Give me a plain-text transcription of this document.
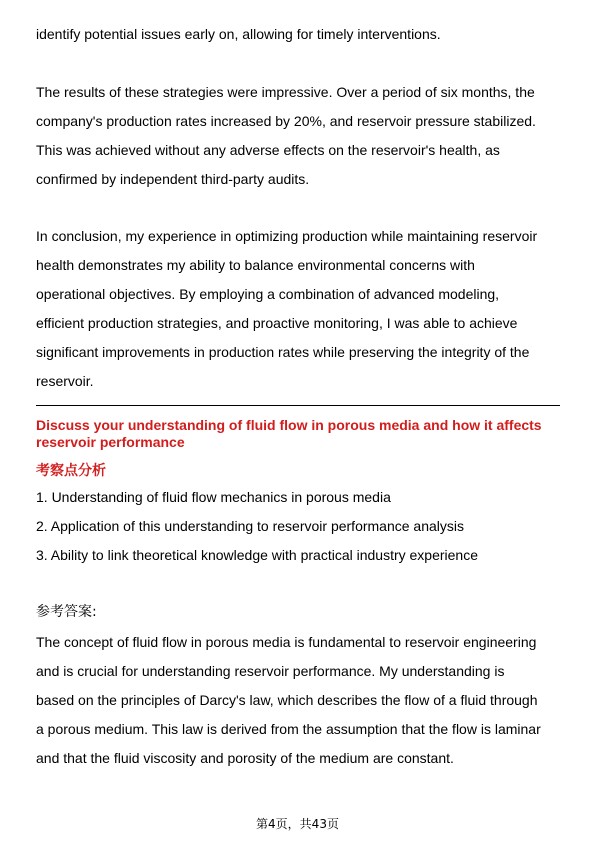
identify potential issues early on, allowing for timely interventions.
The results of these strategies were impressive. Over a period of six months, the
company's production rates increased by 20%, and reservoir pressure stabilized.
This was achieved without any adverse effects on the reservoir's health, as
confirmed by independent third-party audits.
In conclusion, my experience in optimizing production while maintaining reservoir
health demonstrates my ability to balance environmental concerns with
operational objectives. By employing a combination of advanced modeling,
efficient production strategies, and proactive monitoring, I was able to achieve
significant improvements in production rates while preserving the integrity of the
reservoir.
Discuss your understanding of fluid flow in porous media and how it affects
reservoir performance
考察点分析
1. Understanding of fluid flow mechanics in porous media
2. Application of this understanding to reservoir performance analysis
3. Ability to link theoretical knowledge with practical industry experience
参考答案:
The concept of fluid flow in porous media is fundamental to reservoir engineering
and is crucial for understanding reservoir performance. My understanding is
based on the principles of Darcy's law, which describes the flow of a fluid through
a porous medium. This law is derived from the assumption that the flow is laminar
and that the fluid viscosity and porosity of the medium are constant.
第4页，共43页
